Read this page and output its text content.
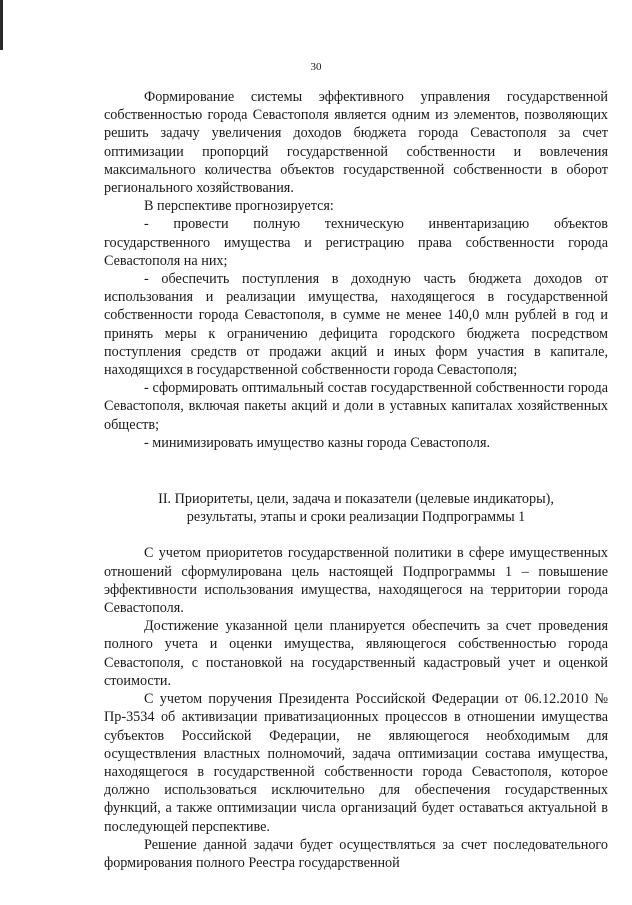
30

Формирование системы эффективного управления государственной собственностью города Севастополя является одним из элементов, позволяющих решить задачу увеличения доходов бюджета города Севастополя за счет оптимизации пропорций государственной собственности и вовлечения максимального количества объектов государственной собственности в оборот регионального хозяйствования.

В перспективе прогнозируется:

- провести полную техническую инвентаризацию объектов государственного имущества и регистрацию права собственности города Севастополя на них;

- обеспечить поступления в доходную часть бюджета доходов от использования и реализации имущества, находящегося в государственной собственности города Севастополя, в сумме не менее 140,0 млн рублей в год и принять меры к ограничению дефицита городского бюджета посредством поступления средств от продажи акций и иных форм участия в капитале, находящихся в государственной собственности города Севастополя;

- сформировать оптимальный состав государственной собственности города Севастополя, включая пакеты акций и доли в уставных капиталах хозяйственных обществ;

- минимизировать имущество казны города Севастополя.

II. Приоритеты, цели, задача и показатели (целевые индикаторы),
результаты, этапы и сроки реализации Подпрограммы 1

С учетом приоритетов государственной политики в сфере имущественных отношений сформулирована цель настоящей Подпрограммы 1 – повышение эффективности использования имущества, находящегося на территории города Севастополя.

Достижение указанной цели планируется обеспечить за счет проведения полного учета и оценки имущества, являющегося собственностью города Севастополя, с постановкой на государственный кадастровый учет и оценкой стоимости.

С учетом поручения Президента Российской Федерации от 06.12.2010 № Пр-3534 об активизации приватизационных процессов в отношении имущества субъектов Российской Федерации, не являющегося необходимым для осуществления властных полномочий, задача оптимизации состава имущества, находящегося в государственной собственности города Севастополя, которое должно использоваться исключительно для обеспечения государственных функций, а также оптимизации числа организаций будет оставаться актуальной в последующей перспективе.

Решение данной задачи будет осуществляться за счет последовательного формирования полного Реестра государственной
